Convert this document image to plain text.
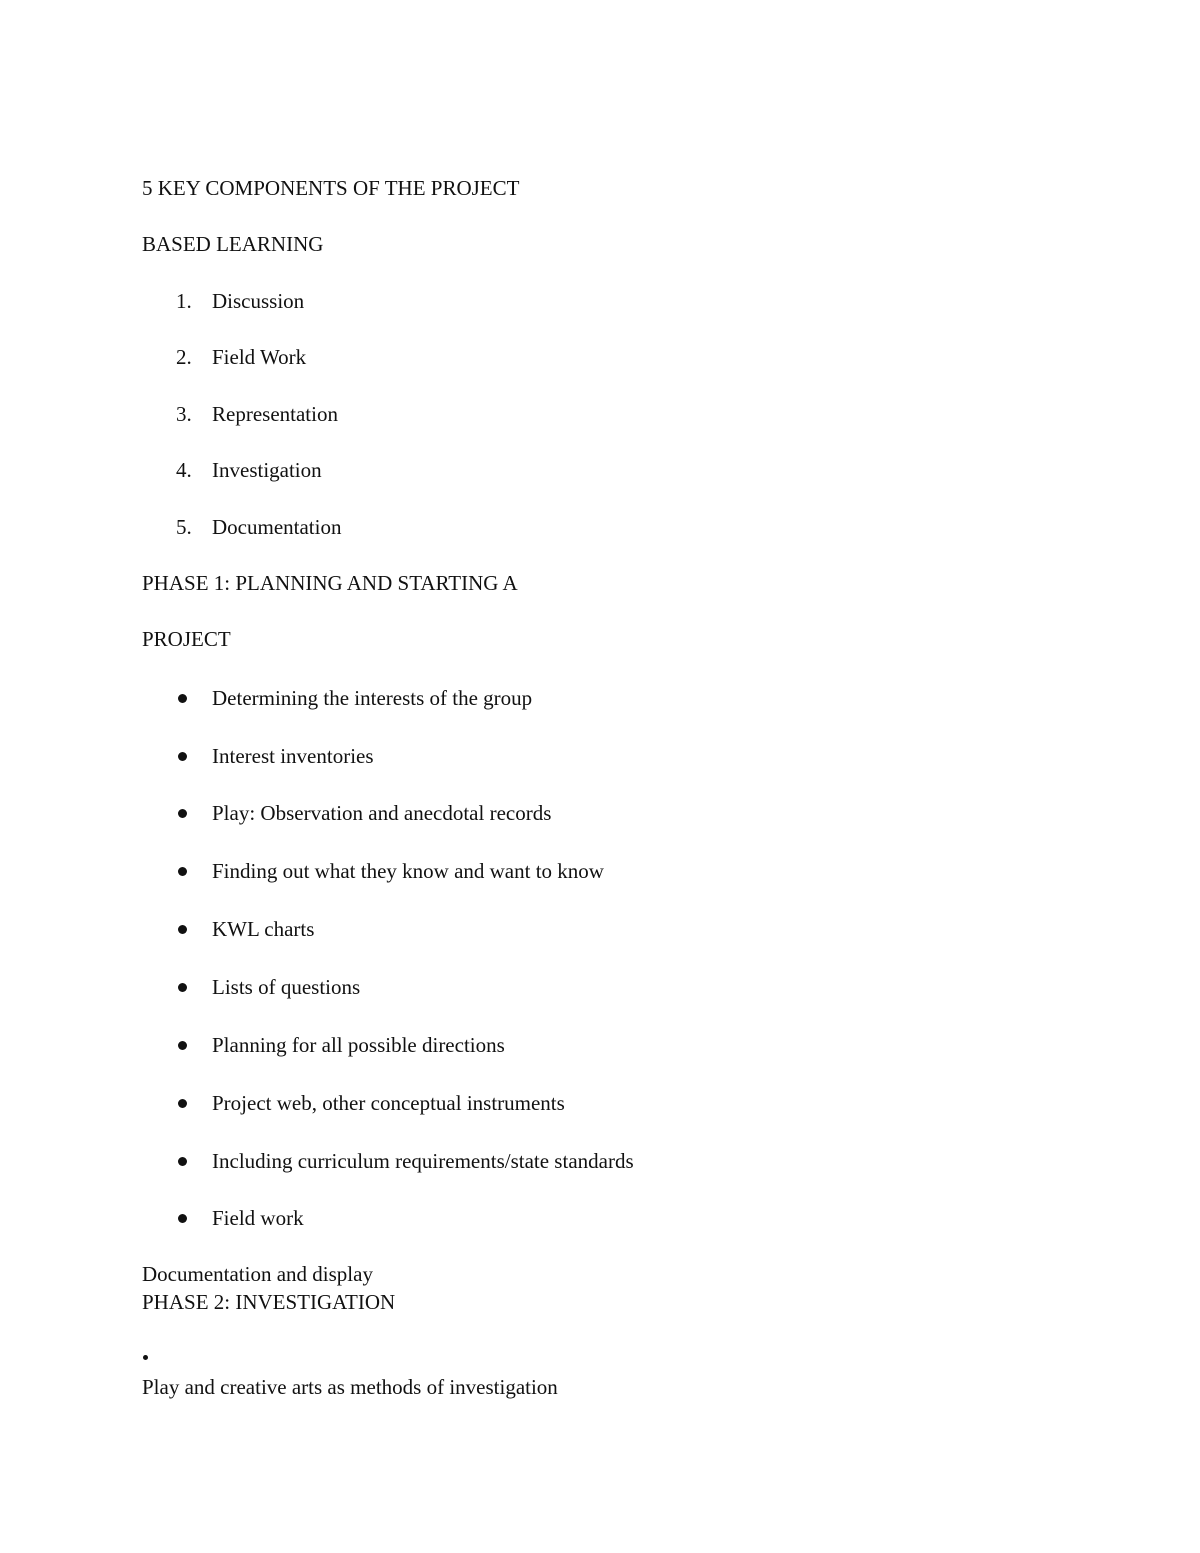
5 KEY COMPONENTS OF THE PROJECT
BASED LEARNING
1. Discussion
2. Field Work
3. Representation
4. Investigation
5. Documentation
PHASE 1: PLANNING AND STARTING A
PROJECT
Determining the interests of the group
Interest inventories
Play: Observation and anecdotal records
Finding out what they know and want to know
KWL charts
Lists of questions
Planning for all possible directions
Project web, other conceptual instruments
Including curriculum requirements/state standards
Field work
Documentation and display
PHASE 2: INVESTIGATION
Play and creative arts as methods of investigation
